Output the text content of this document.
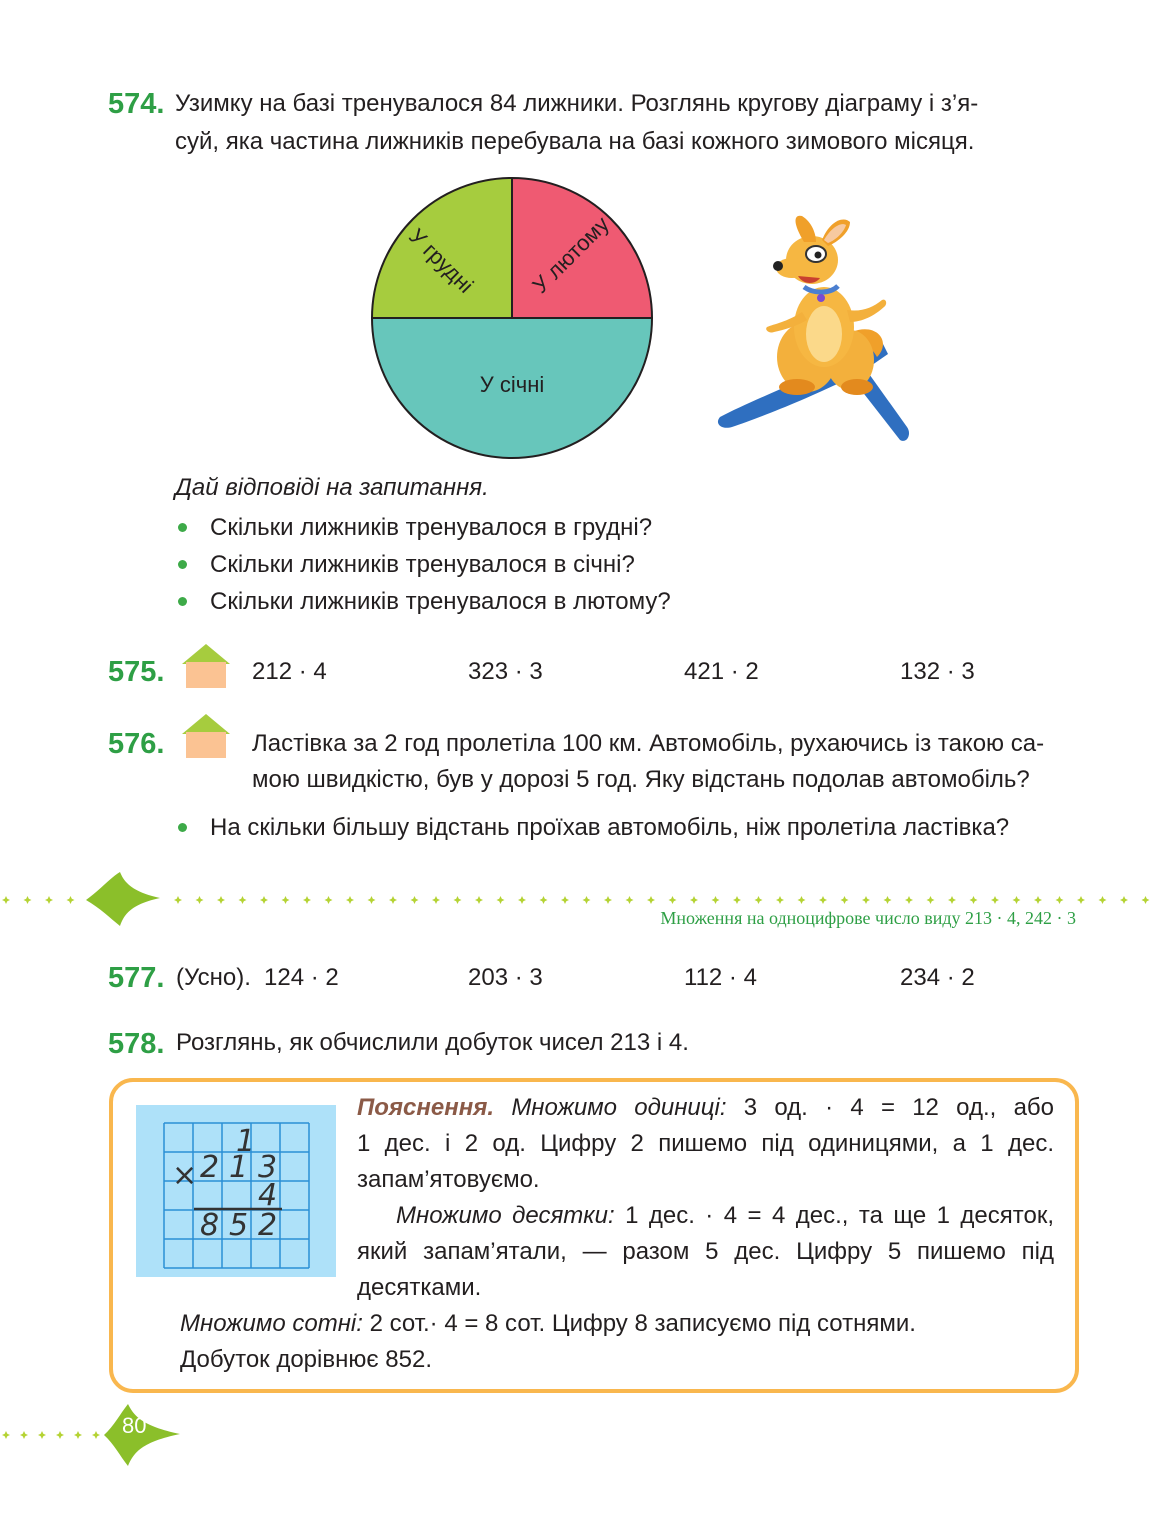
574. Узимку на базі тренувалося 84 лижники. Розглянь кругову діаграму і з’я-
суй, яка частина лижників перебувала на базі кожного зимового місяця.
У грудні У лютому
У січні
Дай відповіді на запитання.
Скільки лижників тренувалося в грудні?
Скільки лижників тренувалося в січні?
Скільки лижників тренувалося в лютому?
575.	212 · 4	323 · 3	421 · 2	132 · 3
576.	Ластівка за 2 год пролетіла 100 км. Автомобіль, рухаючись із такою са-
мою швидкістю, був у дорозі 5 год. Яку відстань подолав автомобіль?
На скільки більшу відстань проїхав автомобіль, ніж пролетіла ластівка?
Множення на одноцифрове число виду 213 · 4, 242 · 3
577. (Усно). 124 · 2	203 · 3	112 · 4	234 · 2
578. Розглянь, як обчислили добуток чисел 213 і 4.
1
× 2 1 3
4
8 5 2
Пояснення. Множимо одиниці: 3 од. · 4 = 12 од., або
1 дес. і 2 од. Цифру 2 пишемо під одиницями, а 1 дес.
запам’ятовуємо.
Множимо десятки: 1 дес. · 4 = 4 дес., та ще 1 десяток,
який запам’ятали, — разом 5 дес. Цифру 5 пишемо під
десятками.
Множимо сотні: 2 сот.· 4 = 8 сот. Цифру 8 записуємо під сотнями.
Добуток дорівнює 852.
80
